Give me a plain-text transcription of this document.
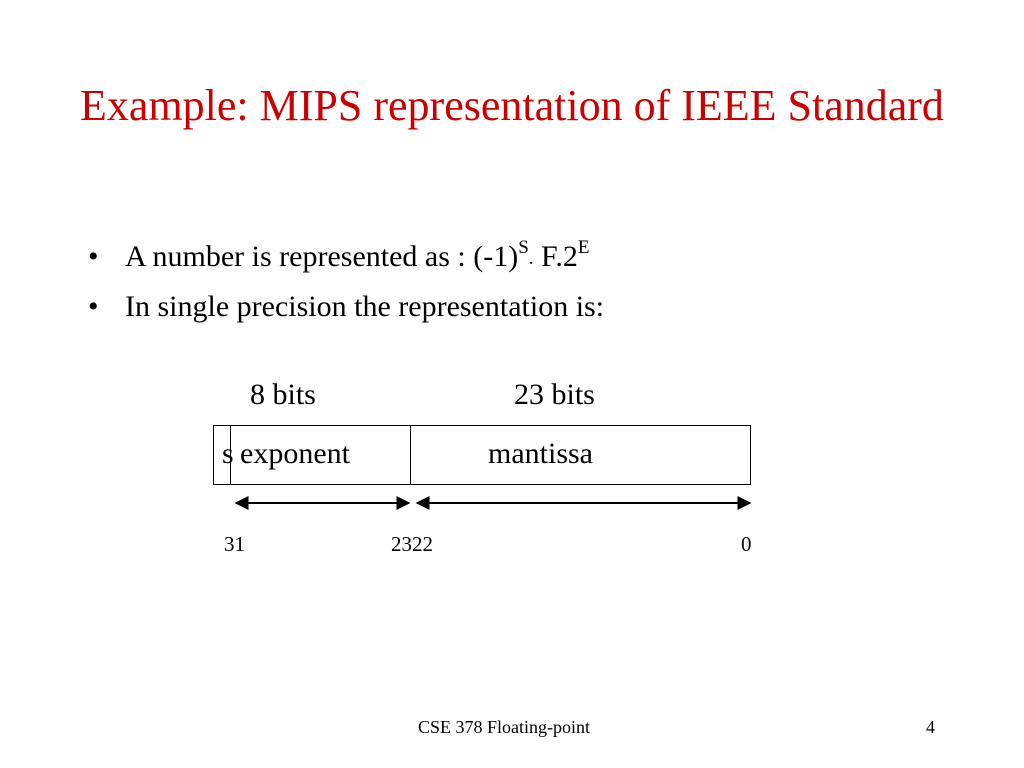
Example: MIPS representation of IEEE Standard
• A number is represented as : $(-1)^S$. $F.2^E$
• In single precision the representation is:
8 bits	23 bits
s exponent	mantissa
31	23 22	0
CSE 378 Floating-point	4
